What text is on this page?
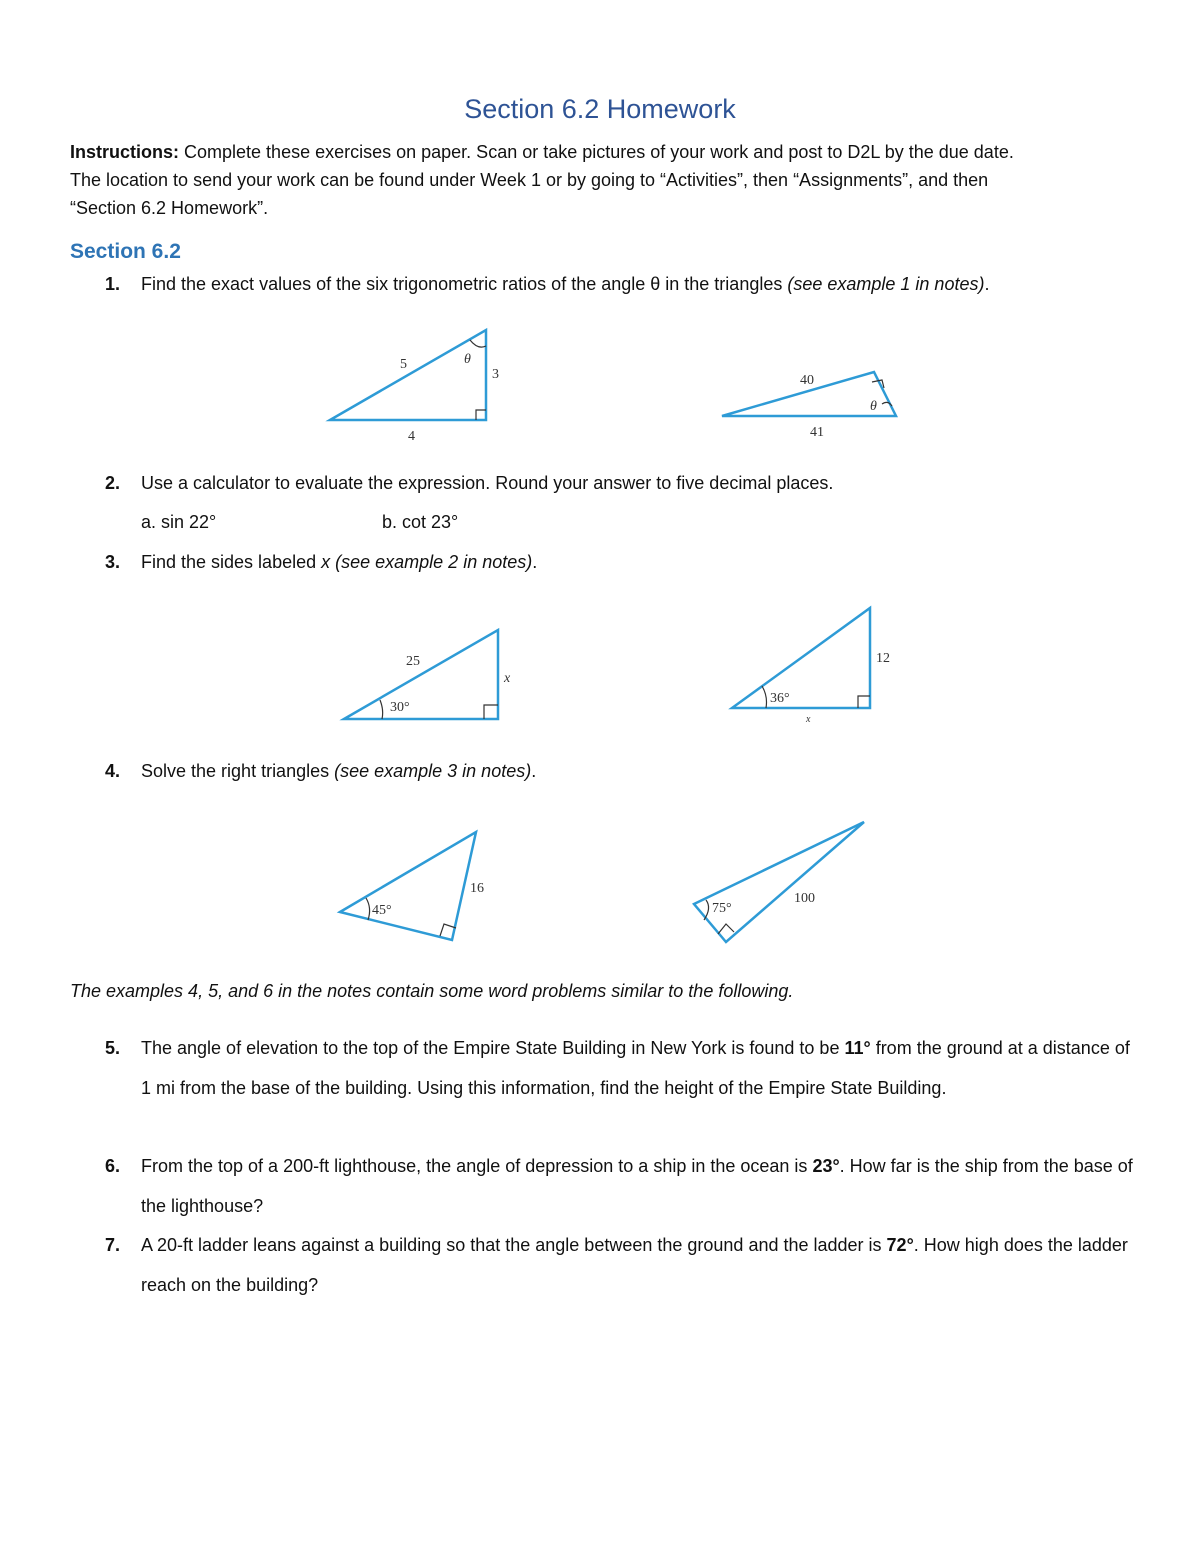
Section 6.2 Homework
Instructions: Complete these exercises on paper. Scan or take pictures of your work and post to D2L by the due date.
The location to send your work can be found under Week 1 or by going to “Activities”, then “Assignments”, and then
“Section 6.2 Homework”.
Section 6.2
1. Find the exact values of the six trigonometric ratios of the angle θ in the triangles (see example 1 in notes).
5	θ
3
4
40
θ
41
2. Use a calculator to evaluate the expression. Round your answer to five decimal places.
a. sin 22°	b. cot 23°
3. Find the sides labeled x (see example 2 in notes).
25
x
30°
12
36°
x
4. Solve the right triangles (see example 3 in notes).
16
45°
100
75°
The examples 4, 5, and 6 in the notes contain some word problems similar to the following.
5. The angle of elevation to the top of the Empire State Building in New York is found to be 11° from the ground at a distance of 1 mi from the base of the building. Using this information, find the height of the Empire State Building.
6. From the top of a 200-ft lighthouse, the angle of depression to a ship in the ocean is 23°. How far is the ship from the base of the lighthouse?
7. A 20-ft ladder leans against a building so that the angle between the ground and the ladder is 72°. How high does the ladder reach on the building?
